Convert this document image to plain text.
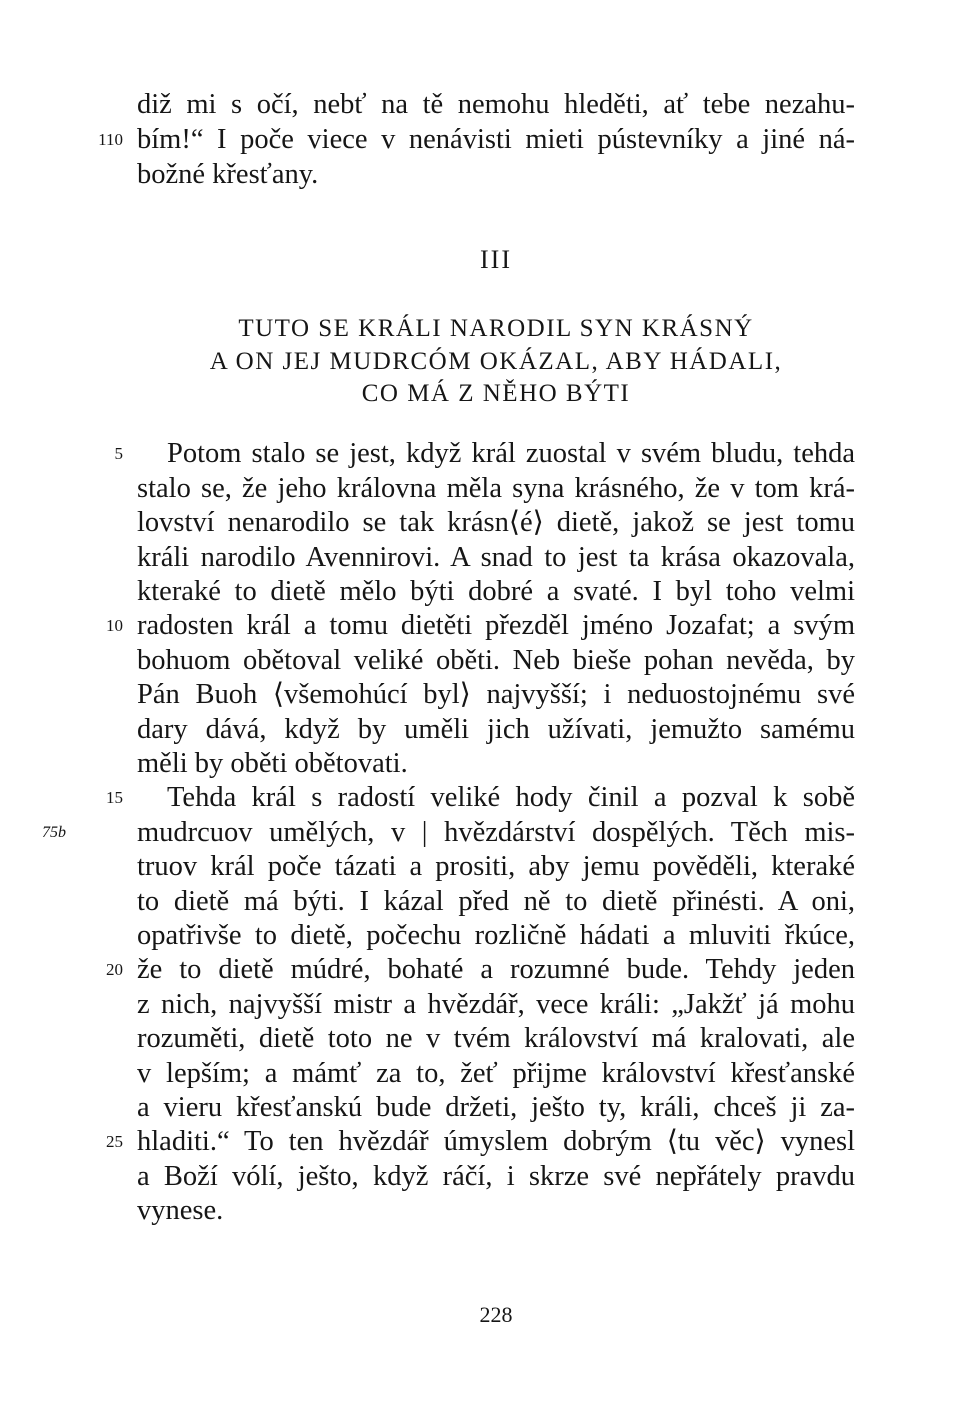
diž mi s očí, nebť na tě nemohu hleděti, ať tebe nezahu-
110 bím!“ I poče viece v nenávisti mieti pústevníky a jiné ná-
božné křesťany.
III
TUTO SE KRÁLI NARODIL SYN KRÁSNÝ
A ON JEJ MUDRCÓM OKÁZAL, ABY HÁDALI,
CO MÁ Z NĚHO BÝTI
5 Potom stalo se jest, když král zuostal v svém bludu, tehda
stalo se, že jeho královna měla syna krásného, že v tom krá-
lovství nenarodilo se tak krásn⟨é⟩ dietě, jakož se jest tomu
králi narodilo Avennirovi. A snad to jest ta krása okazovala,
kteraké to dietě mělo býti dobré a svaté. I byl toho velmi
10 radosten král a tomu dietěti přezděl jméno Jozafat; a svým
bohuom obětoval veliké oběti. Neb bieše pohan nevěda, by
Pán Buoh ⟨všemohúcí byl⟩ najvyšší; i neduostojnému své
dary dává, když by uměli jich užívati, jemužto samému
měli by oběti obětovati.
15 Tehda král s radostí veliké hody činil a pozval k sobě
75b mudrcuov umělých, v | hvězdárství dospělých. Těch mis-
truov král poče tázati a prositi, aby jemu pověděli, kteraké
to dietě má býti. I kázal před ně to dietě přinésti. A oni,
opatřivše to dietě, počechu rozličně hádati a mluviti řkúce,
20 že to dietě múdré, bohaté a rozumné bude. Tehdy jeden
z nich, najvyšší mistr a hvězdář, vece králi: „Jakžť já mohu
rozuměti, dietě toto ne v tvém království má kralovati, ale
v lepším; a mámť za to, žeť přijme království křesťanské
a vieru křesťanskú bude držeti, ješto ty, králi, chceš ji za-
25 hladiti.“ To ten hvězdář úmyslem dobrým ⟨tu věc⟩ vynesl
a Boží vólí, ješto, když ráčí, i skrze své nepřátely pravdu
vynese.
228
